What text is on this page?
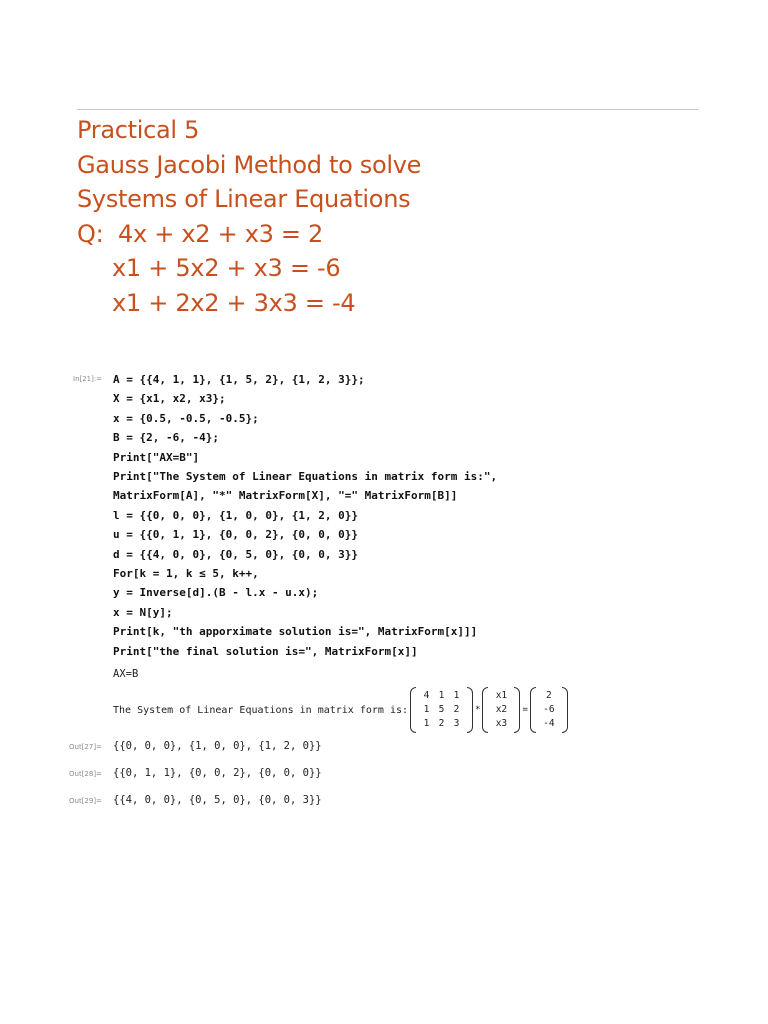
Practical 5
Gauss Jacobi Method to solve
Systems of Linear Equations
Q:  4x + x2 + x3 = 2
x1 + 5x2 + x3 = -6
x1 + 2x2 + 3x3 = -4
In[21]:= A = {{4, 1, 1}, {1, 5, 2}, {1, 2, 3}};
X = {x1, x2, x3};
x = {0.5, -0.5, -0.5};
B = {2, -6, -4};
Print["AX=B"]
Print["The System of Linear Equations in matrix form is:",
MatrixForm[A], "*" MatrixForm[X], "=" MatrixForm[B]]
l = {{0, 0, 0}, {1, 0, 0}, {1, 2, 0}}
u = {{0, 1, 1}, {0, 0, 2}, {0, 0, 0}}
d = {{4, 0, 0}, {0, 5, 0}, {0, 0, 3}}
For[k = 1, k ≤ 5, k++,
y = Inverse[d].(B - l.x - u.x);
x = N[y];
Print[k, "th apporximate solution is=", MatrixForm[x]]]
Print["the final solution is=", MatrixForm[x]]
AX=B
The System of Linear Equations in matrix form is:
4 1 1
1 5 2
1 2 3
*
x1
x2
x3
=
2
-6
-4
Out[27]= {{0, 0, 0}, {1, 0, 0}, {1, 2, 0}}
Out[28]= {{0, 1, 1}, {0, 0, 2}, {0, 0, 0}}
Out[29]= {{4, 0, 0}, {0, 5, 0}, {0, 0, 3}}
